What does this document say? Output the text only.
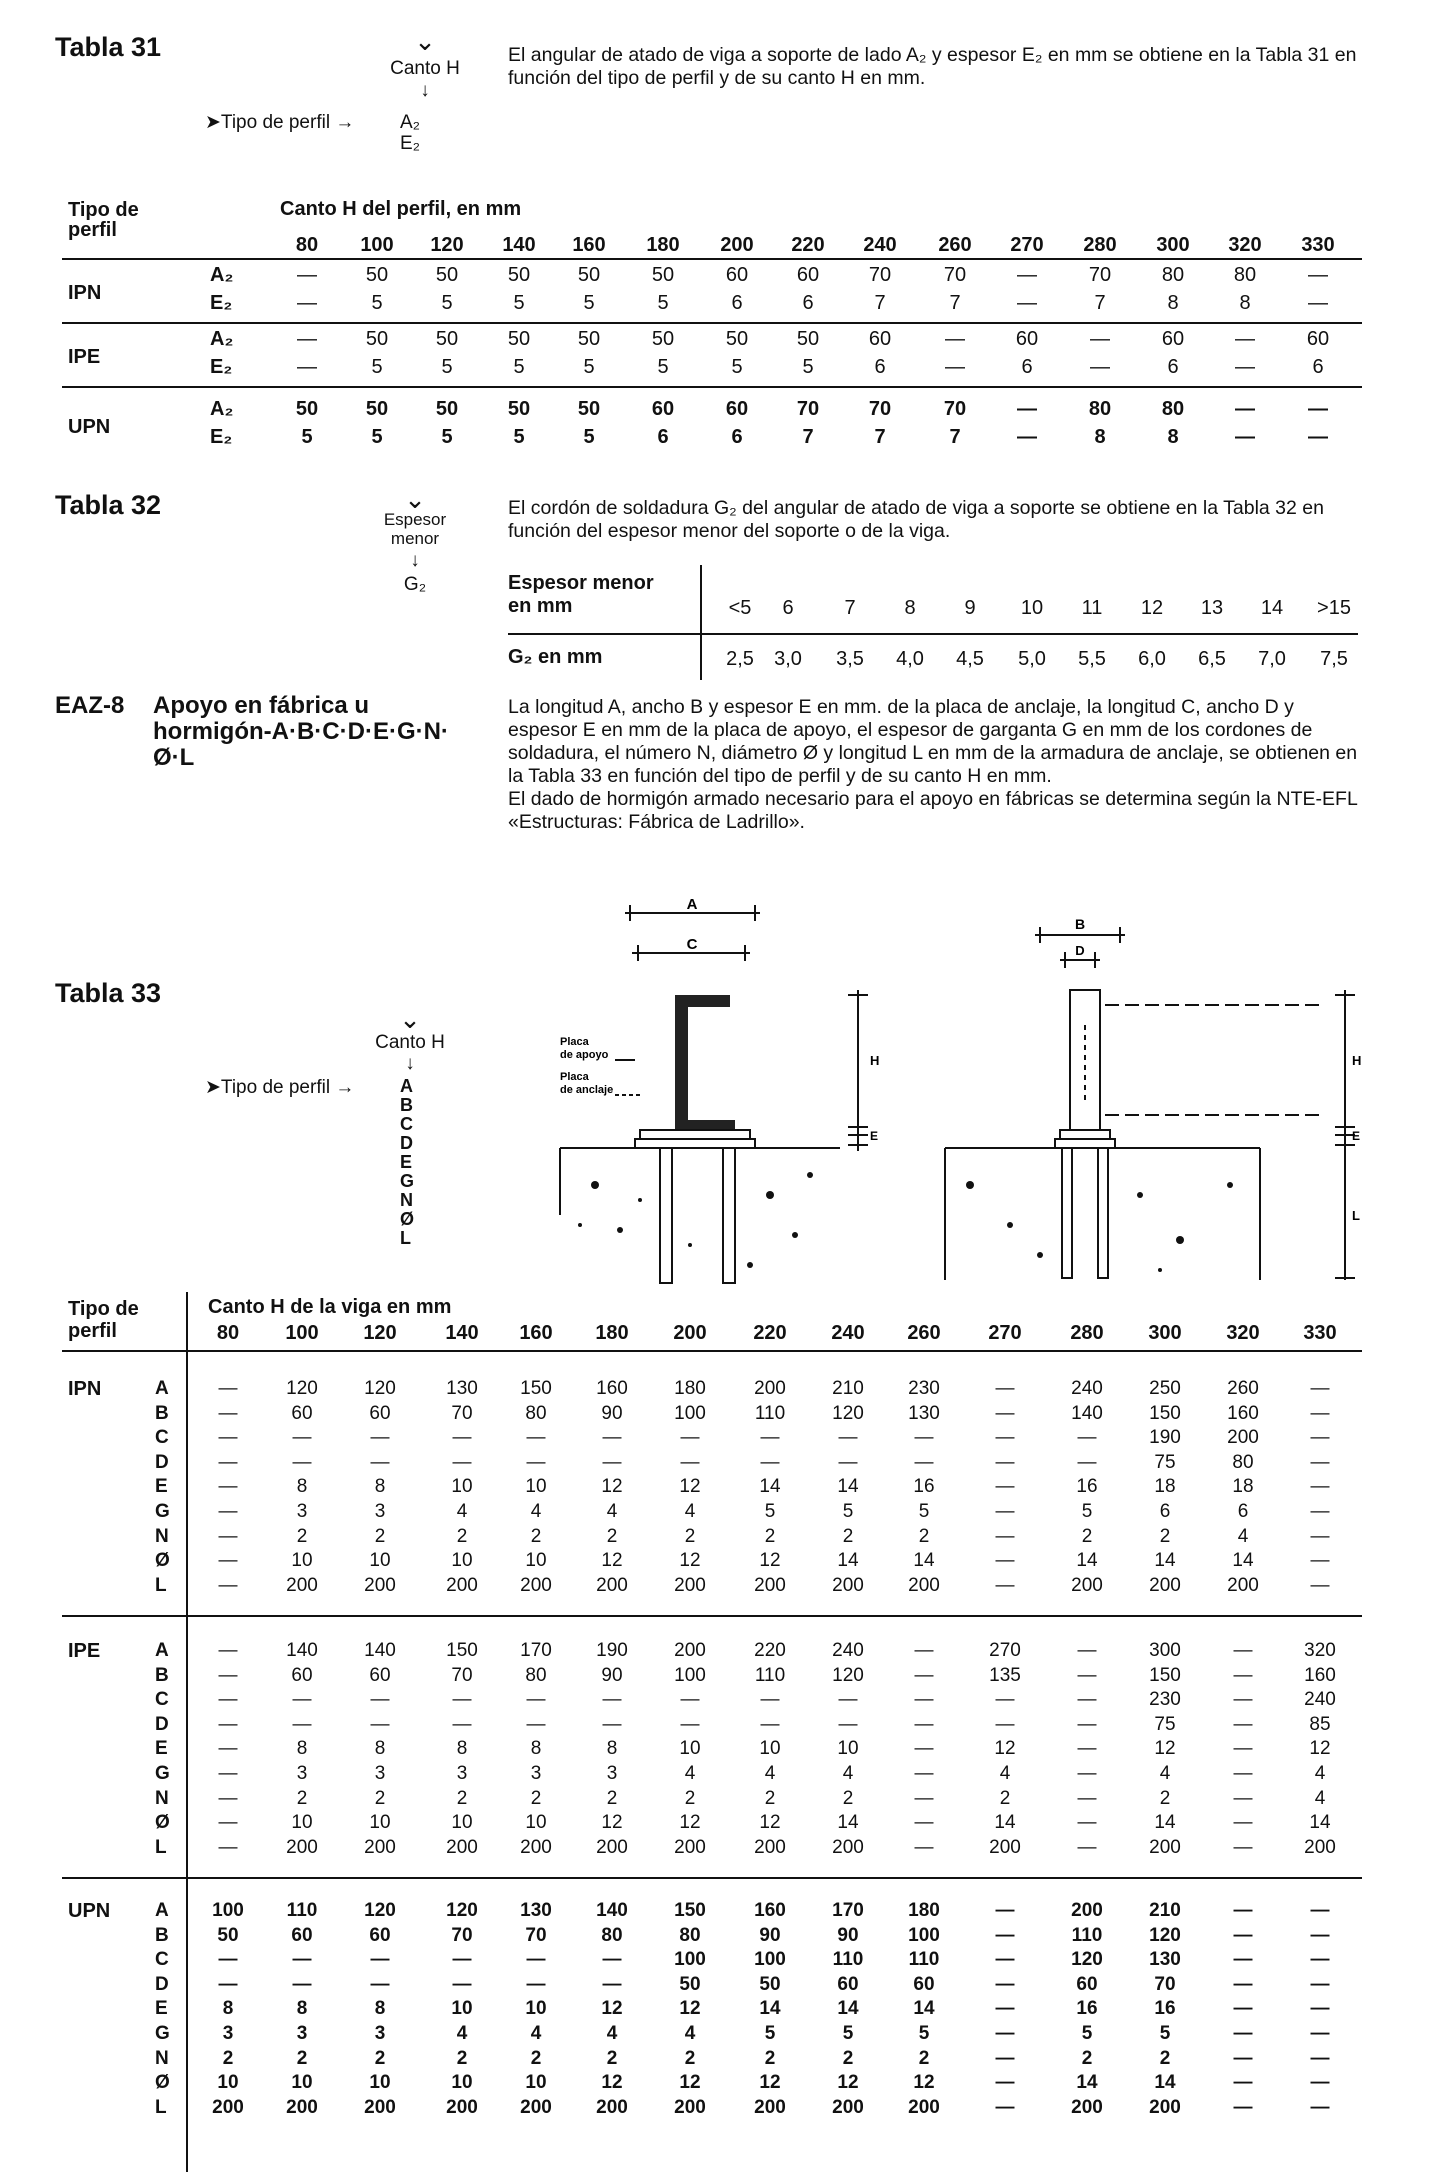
Tabla 31	⌄
Canto H
↓
➤Tipo de perfil → A₂
E₂
El angular de atado de viga a soporte de lado A₂ y espesor E₂ en mm se obtiene en la Tabla 31 en función del tipo de perfil y de su canto H en mm.
Tipo de
perfil
Canto H del perfil, en mm
80	100	120	140	160	180	200	220	240	260	270	280	300	320	330
IPN
A₂	—	50	50	50	50	50	60	60	70	70	—	70	80	80	—
E₂	—	5	5	5	5	5	6	6	7	7	—	7	8	8	—
IPE
A₂	—	50	50	50	50	50	50	50	60	—	60	—	60	—	60
E₂	—	5	5	5	5	5	5	5	6	—	6	—	6	—	6
UPN
A₂	50	50	50	50	50	60	60	70	70	70	—	80	80	—	—
E₂	5	5	5	5	5	6	6	7	7	7	—	8	8	—	—
Tabla 32	⌄
Espesor
menor
↓
G₂
El cordón de soldadura G₂ del angular de atado de viga a soporte se obtiene en la Tabla 32 en función del espesor menor del soporte o de la viga.
Espesor menor
en mm	<5	6	7	8	9	10	11	12	13	14	>15
G₂ en mm	2,5	3,0	3,5	4,0	4,5	5,0	5,5	6,0	6,5	7,0	7,5
EAZ-8 Apoyo en fábrica u
hormigón-A·B·C·D·E·G·N·
Ø·L
La longitud A, ancho B y espesor E en mm. de la placa de anclaje, la longitud C, ancho D y espesor E en mm de la placa de apoyo, el espesor de garganta G en mm de los cordones de soldadura, el número N, diámetro Ø y longitud L en mm de la armadura de anclaje, se obtienen en la Tabla 33 en función del tipo de perfil y de su canto H en mm.
El dado de hormigón armado necesario para el apoyo en fábricas se determina según la NTE-EFL «Estructuras: Fábrica de Ladrillo».
A
C
H
E
Placa
de apoyo
Placa
de anclaje
B
D
H
E
L
Tabla 33
⌄
Canto H
↓
➤Tipo de perfil →	A
B
C
D
E
G
N
Ø
L
Tipo de
perfil
Canto H de la viga en mm
80	100	120	140	160	180	200	220	240	260	270	280	300	320	330
IPN	A	—	120	120	130	150	160	180	200	210	230	—	240	250	260	—
B	—	60	60	70	80	90	100	110	120	130	—	140	150	160	—
C	—	—	—	—	—	—	—	—	—	—	—	—	190	200	—
D	—	—	—	—	—	—	—	—	—	—	—	—	75	80	—
E	—	8	8	10	10	12	12	14	14	16	—	16	18	18	—
G	—	3	3	4	4	4	4	5	5	5	—	5	6	6	—
N	—	2	2	2	2	2	2	2	2	2	—	2	2	4	—
Ø	—	10	10	10	10	12	12	12	14	14	—	14	14	14	—
L	—	200	200	200	200	200	200	200	200	200	—	200	200	200	—
IPE	A	—	140	140	150	170	190	200	220	240	—	270	—	300	—	320
B	—	60	60	70	80	90	100	110	120	—	135	—	150	—	160
C	—	—	—	—	—	—	—	—	—	—	—	—	230	—	240
D	—	—	—	—	—	—	—	—	—	—	—	—	75	—	85
E	—	8	8	8	8	8	10	10	10	—	12	—	12	—	12
G	—	3	3	3	3	3	4	4	4	—	4	—	4	—	4
N	—	2	2	2	2	2	2	2	2	—	2	—	2	—	4
Ø	—	10	10	10	10	12	12	12	14	—	14	—	14	—	14
L	—	200	200	200	200	200	200	200	200	—	200	—	200	—	200
UPN A	100	110	120	120	130	140	150	160	170	180	—	200	210	—	—
B	50	60	60	70	70	80	80	90	90	100	—	110	120	—	—
C	—	—	—	—	—	—	100	100	110	110	—	120	130	—	—
D	—	—	—	—	—	—	50	50	60	60	—	60	70	—	—
E	8	8	8	10	10	12	12	14	14	14	—	16	16	—	—
G	3	3	3	4	4	4	4	5	5	5	—	5	5	—	—
N	2	2	2	2	2	2	2	2	2	2	—	2	2	—	—
Ø	10	10	10	10	10	12	12	12	12	12	—	14	14	—	—
L	200	200	200	200	200	200	200	200	200	200	—	200	200	—	—
